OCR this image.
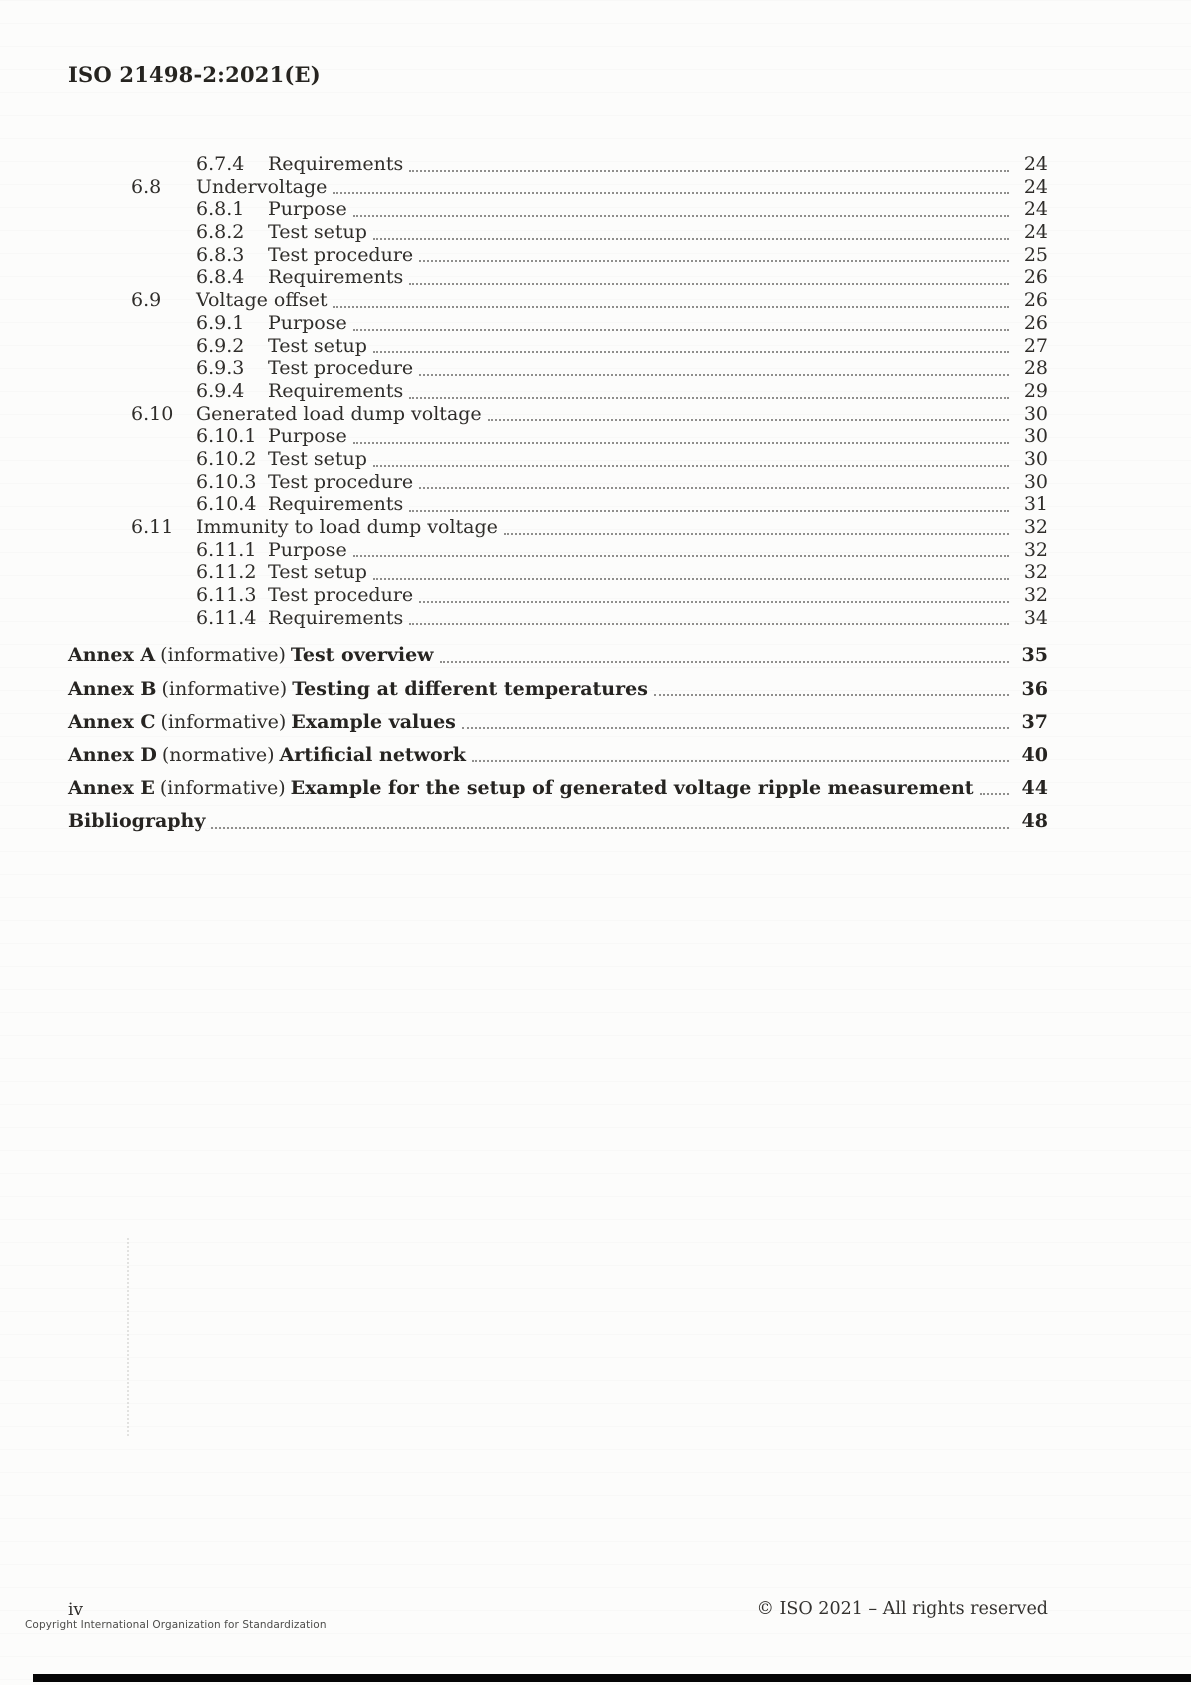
ISO 21498-2:2021(E)
6.7.4	Requirements	24
6.8	Undervoltage	24
6.8.1	Purpose	24
6.8.2	Test setup	24
6.8.3	Test procedure	25
6.8.4	Requirements	26
6.9	Voltage offset	26
6.9.1	Purpose	26
6.9.2	Test setup	27
6.9.3	Test procedure	28
6.9.4	Requirements	29
6.10	Generated load dump voltage	30
6.10.1 Purpose	30
6.10.2 Test setup	30
6.10.3 Test procedure	30
6.10.4 Requirements	31
6.11	Immunity to load dump voltage	32
6.11.1 Purpose	32
6.11.2 Test setup	32
6.11.3 Test procedure	32
6.11.4 Requirements	34
Annex A (informative) Test overview	35
Annex B (informative) Testing at different temperatures	36
Annex C (informative) Example values	37
Annex D (normative) Artificial network	40
Annex E (informative) Example for the setup of generated voltage ripple measurement	44
Bibliography	48
iv
Copyright International Organization for Standardization
© ISO 2021 – All rights reserved
